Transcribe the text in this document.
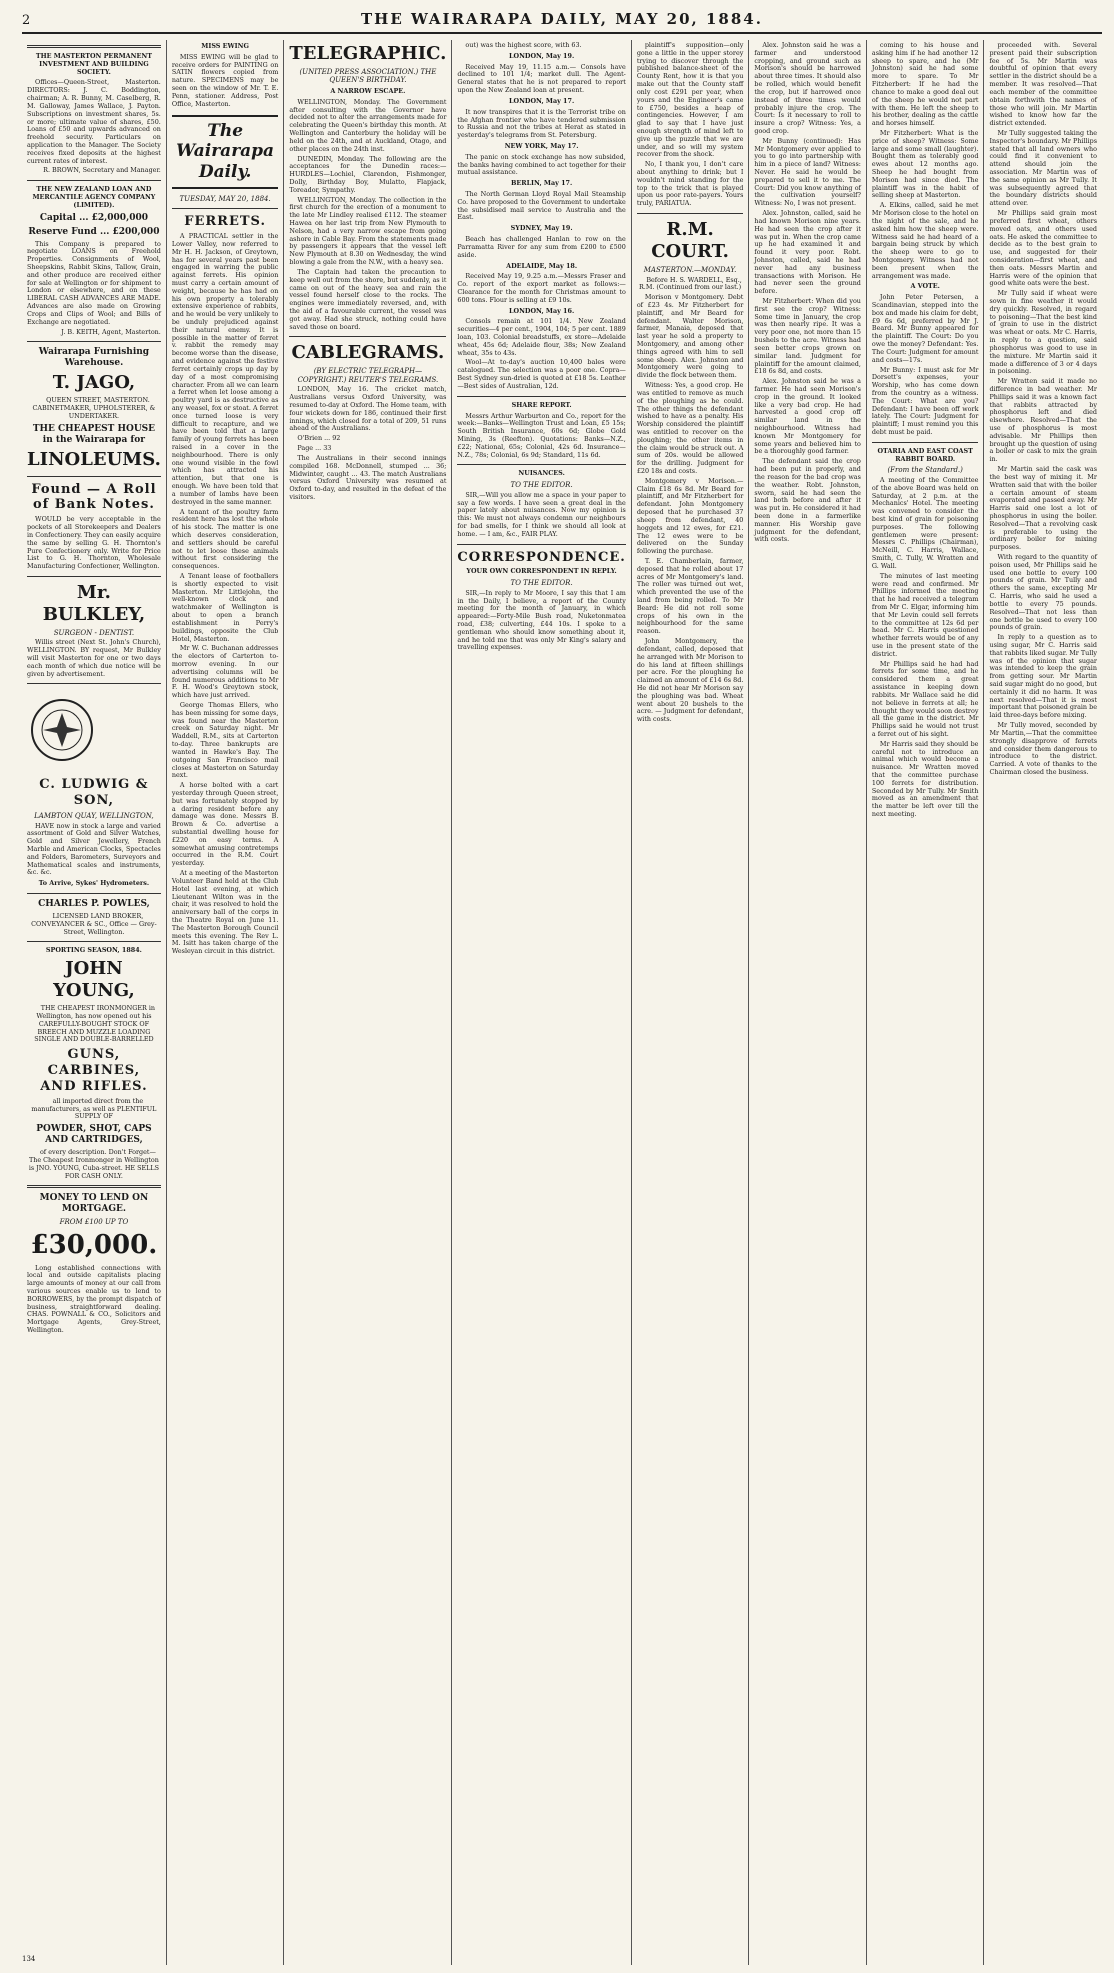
2	THE WAIRARAPA DAILY, MAY 20, 1884.
THE MASTERTON PERMANENT INVESTMENT AND BUILDING SOCIETY.

Offices—Queen-Street, Masterton. DIRECTORS: J. C. Boddington, chairman; A. R. Bunny, M. Caselberg, R. M. Galloway, James Wallace, J. Payton. Subscriptions on investment shares, 5s. or more; ultimate value of shares, £50. Loans of £50 and upwards advanced on freehold security. Particulars on application to the Manager. The Society receives fixed deposits at the highest current rates of interest.

R. BROWN, Secretary and Manager.

THE NEW ZEALAND LOAN AND MERCANTILE AGENCY COMPANY (LIMITED).
Capital ... £2,000,000
Reserve Fund ... £200,000

This Company is prepared to negotiate LOANS on Freehold Properties. Consignments of Wool, Sheepskins, Rabbit Skins, Tallow, Grain, and other produce are received either for sale at Wellington or for shipment to London or elsewhere, and on these LIBERAL CASH ADVANCES ARE MADE. Advances are also made on Growing Crops and Clips of Wool; and Bills of Exchange are negotiated.

J. B. KEITH, Agent, Masterton.

Wairarapa Furnishing Warehouse.
T. JAGO,

QUEEN STREET, MASTERTON. CABINETMAKER, UPHOLSTERER, & UNDERTAKER.

THE CHEAPEST HOUSE in the Wairarapa for
LINOLEUMS.
Found — A Roll of Bank Notes.

WOULD be very acceptable in the pockets of all Storekeepers and Dealers in Confectionery. They can easily acquire the same by selling G. H. Thornton's Pure Confectionery only. Write for Price List to G. H. Thornton, Wholesale Manufacturing Confectioner, Wellington.

Mr. BULKLEY,
SURGEON - DENTIST.

Willis street (Next St. John's Church), WELLINGTON. BY request, Mr Bulkley will visit Masterton for one or two days each month of which due notice will be given by advertisement.

C. LUDWIG & SON,
LAMBTON QUAY, WELLINGTON,

HAVE now in stock a large and varied assortment of Gold and Silver Watches, Gold and Silver Jewellery, French Marble and American Clocks, Spectacles and Folders, Barometers, Surveyors and Mathematical scales and instruments, &c. &c.

To Arrive, Sykes' Hydrometers.
CHARLES P. POWLES,

LICENSED LAND BROKER, CONVEYANCER & SC., Office — Grey-Street, Wellington.

SPORTING SEASON, 1884.
JOHN YOUNG,

THE CHEAPEST IRONMONGER in Wellington, has now opened out his CAREFULLY-BOUGHT STOCK OF BREECH AND MUZZLE LOADING SINGLE AND DOUBLE-BARRELLED

GUNS, CARBINES, AND RIFLES.

all imported direct from the manufacturers, as well as PLENTIFUL SUPPLY OF

POWDER, SHOT, CAPS AND CARTRIDGES,

of every description. Don't Forget— The Cheapest Ironmonger in Wellington is JNO. YOUNG, Cuba-street. HE SELLS FOR CASH ONLY.

MONEY TO LEND ON MORTGAGE.
FROM £100 UP TO
£30,000.

Long established connections with local and outside capitalists placing large amounts of money at our call from various sources enable us to lend to BORROWERS, by the prompt dispatch of business, straightforward dealing. CHAS. POWNALL & CO., Solicitors and Mortgage Agents, Grey-Street, Wellington.

MISS EWING

MISS EWING will be glad to receive orders for PAINTING on SATIN flowers copied from nature. SPECIMENS may be seen on the window of Mr. T. E. Penn, stationer. Address, Post Office, Masterton.

The Wairarapa Daily.
TUESDAY, MAY 20, 1884.
FERRETS.

A PRACTICAL settler in the Lower Valley, now referred to Mr H. H. Jackson, of Greytown, has for several years past been engaged in warring the public against ferrets. His opinion must carry a certain amount of weight, because he has had on his own property a tolerably extensive experience of rabbits, and he would be very unlikely to be unduly prejudiced against their natural enemy. It is possible in the matter of ferret v. rabbit the remedy may become worse than the disease, and evidence against the festive ferret certainly crops up day by day of a most compromising character. From all we can learn a ferret when let loose among a poultry yard is as destructive as any weasel, fox or stoat. A ferret once turned loose is very difficult to recapture, and we have been told that a large family of young ferrets has been raised in a cover in the neighbourhood. There is only one wound visible in the fowl which has attracted his attention, but that one is enough. We have been told that a number of lambs have been destroyed in the same manner.

A tenant of the poultry farm resident here has lost the whole of his stock. The matter is one which deserves consideration, and settlers should be careful not to let loose these animals without first considering the consequences.

A Tenant lease of footballers is shortly expected to visit Masterton. Mr Littlejohn, the well-known clock and watchmaker of Wellington is about to open a branch establishment in Perry's buildings, opposite the Club Hotel, Masterton.

Mr W. C. Buchanan addresses the electors of Carterton to-morrow evening. In our advertising columns will be found numerous additions to Mr F. H. Wood's Greytown stock, which have just arrived.

George Thomas Ellers, who has been missing for some days, was found near the Masterton creek on Saturday night. Mr Waddell, R.M., sits at Carterton to-day. Three bankrupts are wanted in Hawke's Bay. The outgoing San Francisco mail closes at Masterton on Saturday next.

A horse bolted with a cart yesterday through Queen street, but was fortunately stopped by a daring resident before any damage was done. Messrs B. Brown & Co. advertise a substantial dwelling house for £220 on easy terms. A somewhat amusing contretemps occurred in the R.M. Court yesterday.

At a meeting of the Masterton Volunteer Band held at the Club Hotel last evening, at which Lieutenant Wilton was in the chair, it was resolved to hold the anniversary ball of the corps in the Theatre Royal on June 11. The Masterton Borough Council meets this evening. The Rev L. M. Isitt has taken charge of the Wesleyan circuit in this district.

TELEGRAPHIC.
(UNITED PRESS ASSOCIATION.) THE QUEEN'S BIRTHDAY.
A NARROW ESCAPE.

WELLINGTON, Monday. The Government after consulting with the Governor have decided not to alter the arrangements made for celebrating the Queen's birthday this month. At Wellington and Canterbury the holiday will be held on the 24th, and at Auckland, Otago, and other places on the 24th inst.

DUNEDIN, Monday. The following are the acceptances for the Dunedin races:— HURDLES—Lochiel, Clarendon, Fishmonger, Dolly, Birthday Boy, Mulatto, Flapjack, Toreador, Sympathy.

WELLINGTON, Monday. The collection in the first church for the erection of a monument to the late Mr Lindley realised £112. The steamer Hawea on her last trip from New Plymouth to Nelson, had a very narrow escape from going ashore in Cable Bay. From the statements made by passengers it appears that the vessel left New Plymouth at 8.30 on Wednesday, the wind blowing a gale from the N.W., with a heavy sea.

The Captain had taken the precaution to keep well out from the shore, but suddenly, as it came on out of the heavy sea and rain the vessel found herself close to the rocks. The engines were immediately reversed, and, with the aid of a favourable current, the vessel was got away. Had she struck, nothing could have saved those on board.

CABLEGRAMS.
(BY ELECTRIC TELEGRAPH—COPYRIGHT.) REUTER'S TELEGRAMS.

LONDON, May 16. The cricket match, Australians versus Oxford University, was resumed to-day at Oxford. The Home team, with four wickets down for 186, continued their first innings, which closed for a total of 209, 51 runs ahead of the Australians.

O'Brien ... 92

Page ... 33

The Australians in their second innings compiled 168. McDonnell, stumped ... 36; Midwinter, caught ... 43. The match Australians versus Oxford University was resumed at Oxford to-day, and resulted in the defeat of the visitors.

out) was the highest score, with 63.

LONDON, May 19.

Received May 19, 11.15 a.m.— Consols have declined to 101 1/4; market dull. The Agent-General states that he is not prepared to report upon the New Zealand loan at present.

LONDON, May 17.

It now transpires that it is the Terrorist tribe on the Afghan frontier who have tendered submission to Russia and not the tribes at Herat as stated in yesterday's telegrams from St. Petersburg.

NEW YORK, May 17.

The panic on stock exchange has now subsided, the banks having combined to act together for their mutual assistance.

BERLIN, May 17.

The North German Lloyd Royal Mail Steamship Co. have proposed to the Government to undertake the subsidised mail service to Australia and the East.

SYDNEY, May 19.

Beach has challenged Hanlan to row on the Parramatta River for any sum from £200 to £500 aside.

ADELAIDE, May 18.

Received May 19, 9.25 a.m.—Messrs Fraser and Co. report of the export market as follows:—Clearance for the month for Christmas amount to 600 tons. Flour is selling at £9 10s.

LONDON, May 16.

Consols remain at 101 1/4. New Zealand securities—4 per cent., 1904, 104; 5 per cent. 1889 loan, 103. Colonial breadstuffs, ex store—Adelaide wheat, 45s 6d; Adelaide flour, 38s; New Zealand wheat, 35s to 43s.

Wool—At to-day's auction 10,400 bales were catalogued. The selection was a poor one. Copra—Best Sydney sun-dried is quoted at £18 5s. Leather—Best sides of Australian, 12d.

SHARE REPORT.

Messrs Arthur Warburton and Co., report for the week:—Banks—Wellington Trust and Loan, £5 15s; South British Insurance, 60s 6d; Globe Gold Mining, 3s (Reefton). Quotations: Banks—N.Z., £22; National, 65s; Colonial, 42s 6d. Insurance—N.Z., 78s; Colonial, 6s 9d; Standard, 11s 6d.

NUISANCES.
TO THE EDITOR.

SIR,—Will you allow me a space in your paper to say a few words. I have seen a great deal in the paper lately about nuisances. Now my opinion is this: We must not always condemn our neighbours for bad smells, for I think we should all look at home. — I am, &c., FAIR PLAY.

CORRESPONDENCE.
YOUR OWN CORRESPONDENT IN REPLY.
TO THE EDITOR.

SIR,—In reply to Mr Moore, I say this that I am in the Daily, I believe, a report of the County meeting for the month of January, in which appeared:—Forty-Mile Bush road, Nuketonmatea road, £38; culverting, £44 10s. I spoke to a gentleman who should know something about it, and he told me that was only Mr King's salary and travelling expenses.

plaintiff's supposition—only gone a little in the upper storey trying to discover through the published balance-sheet of the County Rent, how it is that you make out that the County staff only cost £291 per year, when yours and the Engineer's came to £750, besides a heap of contingencies. However, I am glad to say that I have just enough strength of mind left to give up the puzzle that we are under, and so will my system recover from the shock.

No, I thank you, I don't care about anything to drink; but I wouldn't mind standing for the top to the trick that is played upon us poor rate-payers. Yours truly, PARIATUA.

R.M. COURT.
MASTERTON.—MONDAY.

Before H. S. WARDELL, Esq., R.M. (Continued from our last.)

Morison v Montgomery. Debt of £23 4s. Mr Fitzherbert for plaintiff, and Mr Beard for defendant. Walter Morison, farmer, Manaia, deposed that last year he sold a property to Montgomery, and among other things agreed with him to sell some sheep. Alex. Johnston and Montgomery were going to divide the flock between them.

Witness: Yes, a good crop. He was entitled to remove as much of the ploughing as he could. The other things the defendant wished to have as a penalty. His Worship considered the plaintiff was entitled to recover on the ploughing; the other items in the claim would be struck out. A sum of 20s. would be allowed for the drilling. Judgment for £20 18s and costs.

Montgomery v Morison.—Claim £18 6s 8d. Mr Beard for plaintiff, and Mr Fitzherbert for defendant. John Montgomery deposed that he purchased 37 sheep from defendant, 40 hoggets and 12 ewes, for £21. The 12 ewes were to be delivered on the Sunday following the purchase.

T. E. Chamberlain, farmer, deposed that he rolled about 17 acres of Mr Montgomery's land. The roller was turned out wet, which prevented the use of the land from being rolled. To Mr Beard: He did not roll some crops of his own in the neighbourhood for the same reason.

John Montgomery, the defendant, called, deposed that he arranged with Mr Morison to do his land at fifteen shillings per acre. For the ploughing he claimed an amount of £14 6s 8d. He did not hear Mr Morison say the ploughing was bad. Wheat went about 20 bushels to the acre. — Judgment for defendant, with costs.

Alex. Johnston said he was a farmer and understood cropping, and ground such as Morison's should be harrowed about three times. It should also be rolled, which would benefit the crop, but if harrowed once instead of three times would probably injure the crop. The Court: Is it necessary to roll to insure a crop? Witness: Yes, a good crop.

Mr Bunny (continued): Has Mr Montgomery ever applied to you to go into partnership with him in a piece of land? Witness: Never. He said he would be prepared to sell it to me. The Court: Did you know anything of the cultivation yourself? Witness: No, I was not present.

Alex. Johnston, called, said he had known Morison nine years. He had seen the crop after it was put in. When the crop came up he had examined it and found it very poor. Robt. Johnston, called, said he had never had any business transactions with Morison. He had never seen the ground before.

Mr Fitzherbert: When did you first see the crop? Witness: Some time in January, the crop was then nearly ripe. It was a very poor one, not more than 15 bushels to the acre. Witness had seen better crops grown on similar land. Judgment for plaintiff for the amount claimed, £18 6s 8d, and costs.

Alex. Johnston said he was a farmer. He had seen Morison's crop in the ground. It looked like a very bad crop. He had harvested a good crop off similar land in the neighbourhood. Witness had known Mr Montgomery for some years and believed him to be a thoroughly good farmer.

The defendant said the crop had been put in properly, and the reason for the bad crop was the weather. Robt. Johnston, sworn, said he had seen the land both before and after it was put in. He considered it had been done in a farmerlike manner. His Worship gave judgment for the defendant, with costs.

coming to his house and asking him if he had another 12 sheep to spare, and he (Mr Johnston) said he had some more to spare. To Mr Fitzherbert: If he had the chance to make a good deal out of the sheep he would not part with them. He left the sheep to his brother, dealing as the cattle and horses himself.

Mr Fitzherbert: What is the price of sheep? Witness: Some large and some small (laughter). Bought them as tolerably good ewes about 12 months ago. Sheep he had bought from Morison had since died. The plaintiff was in the habit of selling sheep at Masterton.

A. Elkins, called, said he met Mr Morison close to the hotel on the night of the sale, and he asked him how the sheep were. Witness said he had heard of a bargain being struck by which the sheep were to go to Montgomery. Witness had not been present when the arrangement was made.

A VOTE.

John Peter Petersen, a Scandinavian, stepped into the box and made his claim for debt, £9 6s 6d, preferred by Mr J. Beard. Mr Bunny appeared for the plaintiff. The Court: Do you owe the money? Defendant: Yes. The Court: Judgment for amount and costs—17s.

Mr Bunny: I must ask for Mr Dorsett's expenses, your Worship, who has come down from the country as a witness. The Court: What are you? Defendant: I have been off work lately. The Court: Judgment for plaintiff; I must remind you this debt must be paid.

OTARIA AND EAST COAST RABBIT BOARD.
(From the Standard.)

A meeting of the Committee of the above Board was held on Saturday, at 2 p.m. at the Mechanics' Hotel. The meeting was convened to consider the best kind of grain for poisoning purposes. The following gentlemen were present: Messrs C. Phillips (Chairman), McNeill, C. Harris, Wallace, Smith, C. Tully, W. Wratten and G. Wall.

The minutes of last meeting were read and confirmed. Mr Phillips informed the meeting that he had received a telegram from Mr C. Elgar, informing him that Mr Levin could sell ferrets to the committee at 12s 6d per head. Mr C. Harris questioned whether ferrets would be of any use in the present state of the district.

Mr Phillips said he had had ferrets for some time, and he considered them a great assistance in keeping down rabbits. Mr Wallace said he did not believe in ferrets at all; he thought they would soon destroy all the game in the district. Mr Phillips said he would not trust a ferret out of his sight.

Mr Harris said they should be careful not to introduce an animal which would become a nuisance. Mr Wratten moved that the committee purchase 100 ferrets for distribution. Seconded by Mr Tully. Mr Smith moved as an amendment that the matter be left over till the next meeting.

proceeded with. Several present paid their subscription fee of 5s. Mr Martin was doubtful of opinion that every settler in the district should be a member. It was resolved—That each member of the committee obtain forthwith the names of those who will join. Mr Martin wished to know how far the district extended.

Mr Tully suggested taking the Inspector's boundary. Mr Phillips stated that all land owners who could find it convenient to attend should join the association. Mr Martin was of the same opinion as Mr Tully. It was subsequently agreed that the boundary districts should attend over.

Mr Phillips said grain most preferred first wheat, others moved oats, and others used oats. He asked the committee to decide as to the best grain to use, and suggested for their consideration—first wheat, and then oats. Messrs Martin and Harris were of the opinion that good white oats were the best.

Mr Tully said if wheat were sown in fine weather it would dry quickly. Resolved, in regard to poisoning—That the best kind of grain to use in the district was wheat or oats. Mr C. Harris, in reply to a question, said phosphorus was good to use in the mixture. Mr Martin said it made a difference of 3 or 4 days in poisoning.

Mr Wratten said it made no difference in bad weather. Mr Phillips said it was a known fact that rabbits attracted by phosphorus left and died elsewhere. Resolved—That the use of phosphorus is most advisable. Mr Phillips then brought up the question of using a boiler or cask to mix the grain in.

Mr Martin said the cask was the best way of mixing it. Mr Wratten said that with the boiler a certain amount of steam evaporated and passed away. Mr Harris said one lost a lot of phosphorus in using the boiler. Resolved—That a revolving cask is preferable to using the ordinary boiler for mixing purposes.

With regard to the quantity of poison used, Mr Phillips said he used one bottle to every 100 pounds of grain. Mr Tully and others the same, excepting Mr C. Harris, who said he used a bottle to every 75 pounds. Resolved—That not less than one bottle be used to every 100 pounds of grain.

In reply to a question as to using sugar, Mr C. Harris said that rabbits liked sugar. Mr Tully was of the opinion that sugar was intended to keep the grain from getting sour. Mr Martin said sugar might do no good, but certainly it did no harm. It was next resolved—That it is most important that poisoned grain be laid three-days before mixing.

Mr Tully moved, seconded by Mr Martin,—That the committee strongly disapprove of ferrets and consider them dangerous to introduce to the district. Carried. A vote of thanks to the Chairman closed the business.

134
